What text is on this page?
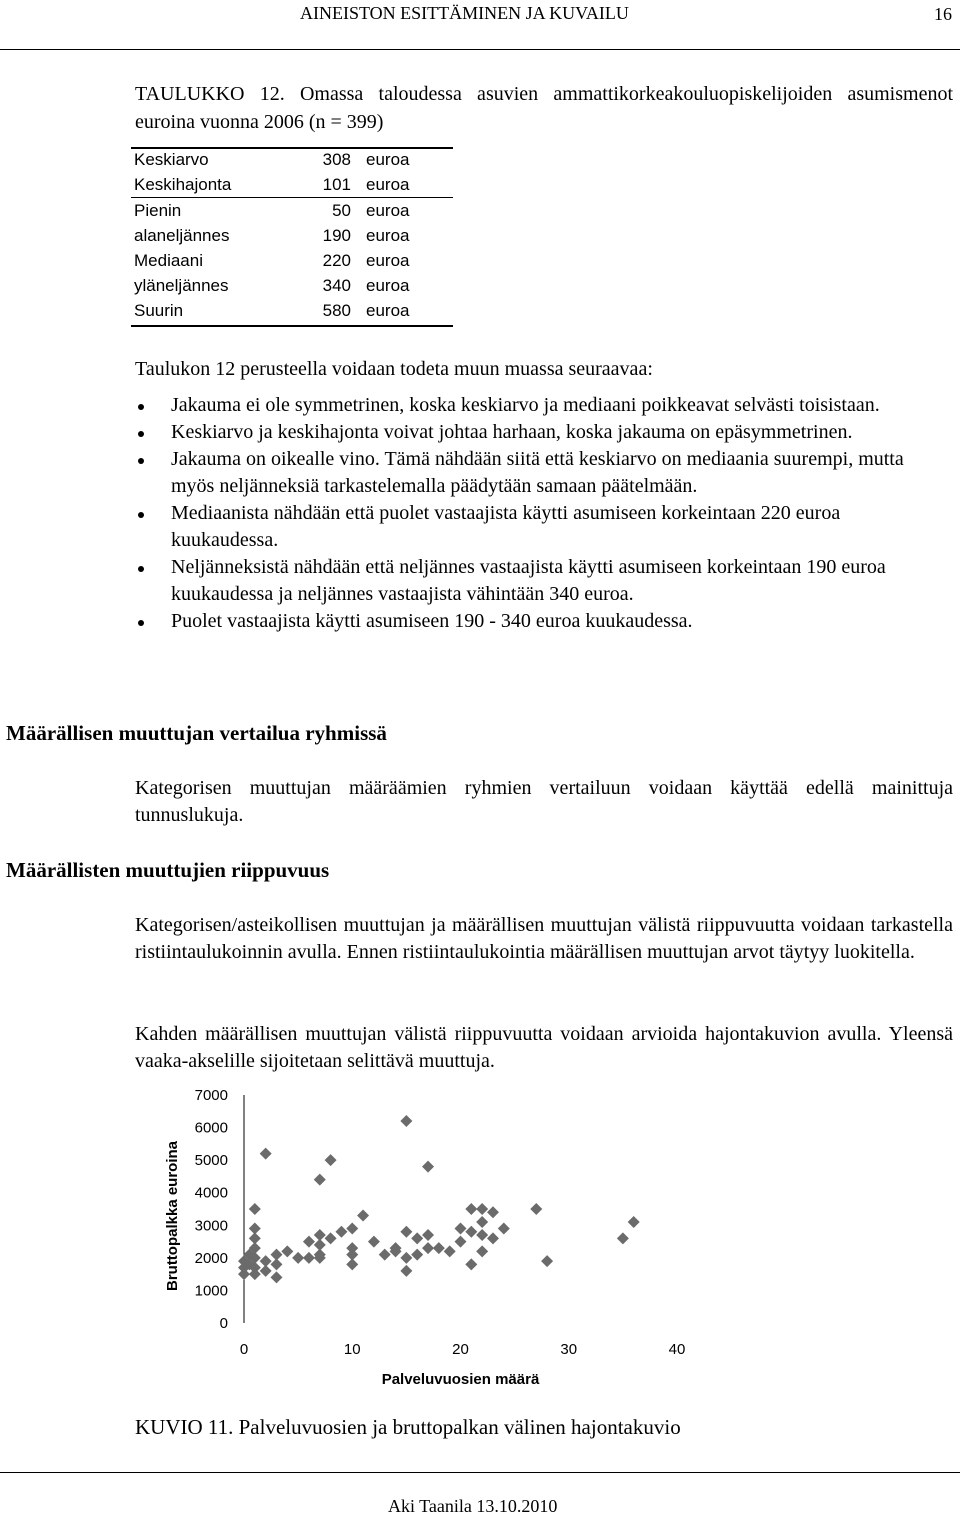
AINEISTON ESITTÄMINEN JA KUVAILU	16
TAULUKKO 12. Omassa taloudessa asuvien ammattikorkeakouluopiskelijoiden asumismenot euroina vuonna 2006 (n = 399)
Keskiarvo	308 euroa
Keskihajonta	101 euroa
Pienin	50 euroa
alaneljännes	190 euroa
Mediaani	220 euroa
yläneljännes	340 euroa
Suurin	580 euroa
Taulukon 12 perusteella voidaan todeta muun muassa seuraavaa:
Jakauma ei ole symmetrinen, koska keskiarvo ja mediaani poikkeavat selvästi toisistaan.
Keskiarvo ja keskihajonta voivat johtaa harhaan, koska jakauma on epäsymmetrinen.
Jakauma on oikealle vino. Tämä nähdään siitä että keskiarvo on mediaania suurempi, mutta myös neljänneksiä tarkastelemalla päädytään samaan päätelmään.
Mediaanista nähdään että puolet vastaajista käytti asumiseen korkeintaan 220 euroa kuukaudessa.
Neljänneksistä nähdään että neljännes vastaajista käytti asumiseen korkeintaan 190 euroa kuukaudessa ja neljännes vastaajista vähintään 340 euroa.
Puolet vastaajista käytti asumiseen 190 - 340 euroa kuukaudessa.
Määrällisen muuttujan vertailua ryhmissä
Kategorisen muuttujan määräämien ryhmien vertailuun voidaan käyttää edellä mainittuja tunnuslukuja.
Määrällisten muuttujien riippuvuus
Kategorisen/asteikollisen muuttujan ja määrällisen muuttujan välistä riippuvuutta voidaan tarkastella ristiintaulukoinnin avulla. Ennen ristiintaulukointia määrällisen muuttujan arvot täytyy luokitella.
Kahden määrällisen muuttujan välistä riippuvuutta voidaan arvioida hajontakuvion avulla. Yleensä vaaka-akselille sijoitetaan selittävä muuttuja.
0
1000
2000
3000
4000
5000
6000
7000
0	10	20	30	40
Bruttopalkka euroina
Palveluvuosien määrä
KUVIO 11. Palveluvuosien ja bruttopalkan välinen hajontakuvio
Aki Taanila 13.10.2010
